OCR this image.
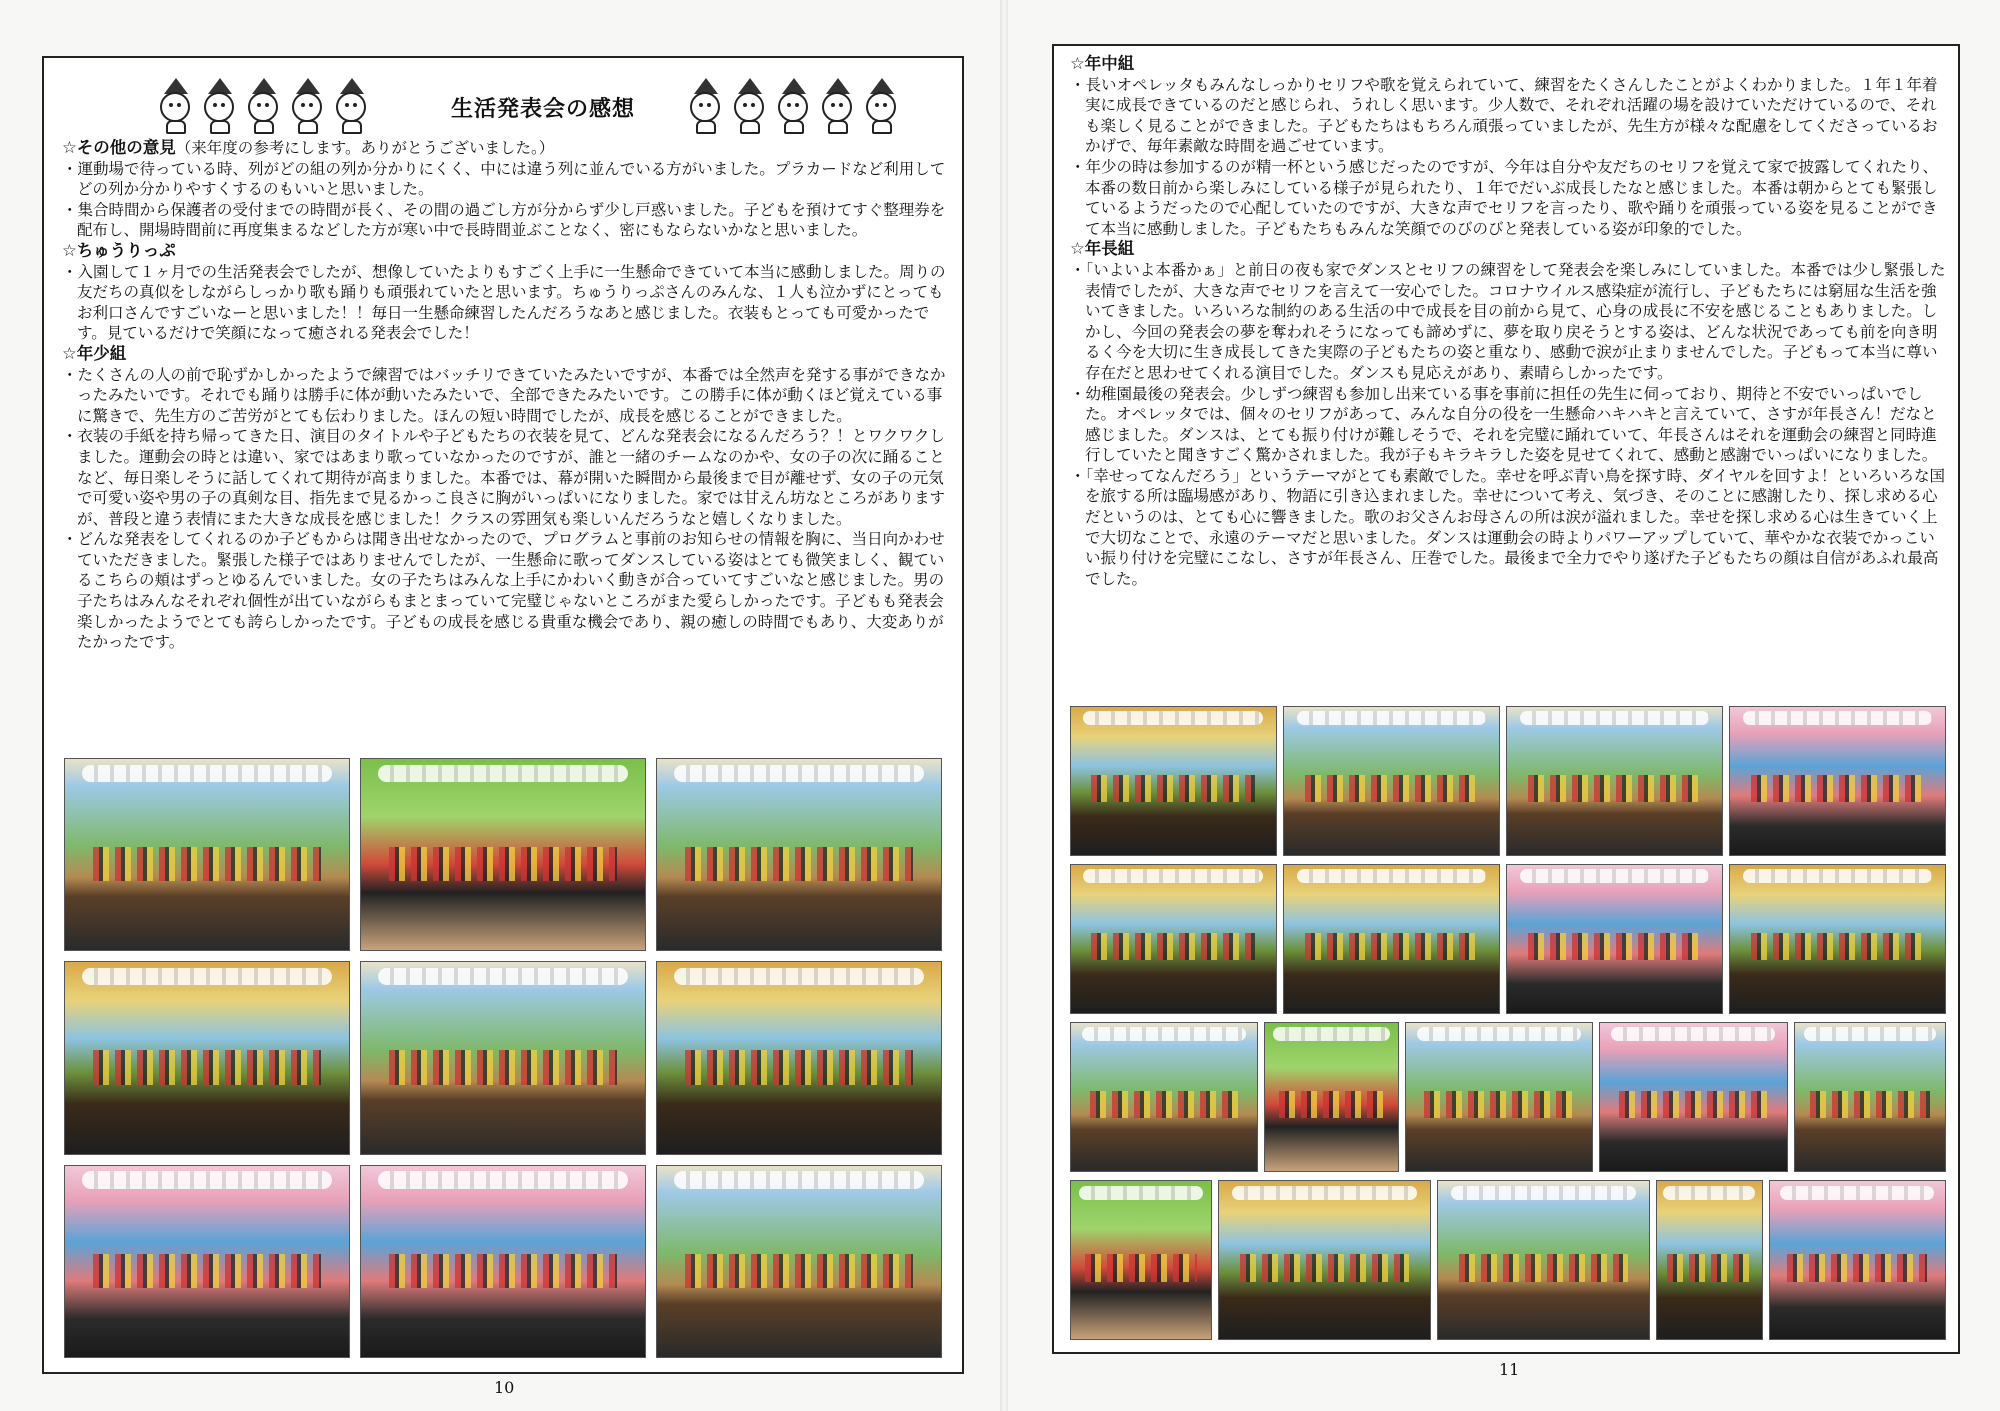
生活発表会の感想
☆その他の意見（来年度の参考にします。ありがとうございました。）
・運動場で待っている時、列がどの組の列か分かりにくく、中には違う列に並んでいる方がいました。プラカードなど利用してどの列か分かりやすくするのもいいと思いました。
・集合時間から保護者の受付までの時間が長く、その間の過ごし方が分からず少し戸惑いました。子どもを預けてすぐ整理券を配布し、開場時間前に再度集まるなどした方が寒い中で長時間並ぶことなく、密にもならないかなと思いました。
☆ちゅうりっぷ
・入園して１ヶ月での生活発表会でしたが、想像していたよりもすごく上手に一生懸命できていて本当に感動しました。周りの友だちの真似をしながらしっかり歌も踊りも頑張れていたと思います。ちゅうりっぷさんのみんな、１人も泣かずにとってもお利口さんですごいなーと思いました！！毎日一生懸命練習したんだろうなあと感じました。衣装もとっても可愛かったです。見ているだけで笑顔になって癒される発表会でした！
☆年少組
・たくさんの人の前で恥ずかしかったようで練習ではバッチリできていたみたいですが、本番では全然声を発する事ができなかったみたいです。それでも踊りは勝手に体が動いたみたいで、全部できたみたいです。この勝手に体が動くほど覚えている事に驚きで、先生方のご苦労がとても伝わりました。ほんの短い時間でしたが、成長を感じることができました。
・衣装の手紙を持ち帰ってきた日、演目のタイトルや子どもたちの衣装を見て、どんな発表会になるんだろう？！とワクワクしました。運動会の時とは違い、家ではあまり歌っていなかったのですが、誰と一緒のチームなのかや、女の子の次に踊ることなど、毎日楽しそうに話してくれて期待が高まりました。本番では、幕が開いた瞬間から最後まで目が離せず、女の子の元気で可愛い姿や男の子の真剣な目、指先まで見るかっこ良さに胸がいっぱいになりました。家では甘えん坊なところがありますが、普段と違う表情にまた大きな成長を感じました！クラスの雰囲気も楽しいんだろうなと嬉しくなりました。
・どんな発表をしてくれるのか子どもからは聞き出せなかったので、プログラムと事前のお知らせの情報を胸に、当日向かわせていただきました。緊張した様子ではありませんでしたが、一生懸命に歌ってダンスしている姿はとても微笑ましく、観ているこちらの頬はずっとゆるんでいました。女の子たちはみんな上手にかわいく動きが合っていてすごいなと感じました。男の子たちはみんなそれぞれ個性が出ていながらもまとまっていて完璧じゃないところがまた愛らしかったです。子どもも発表会楽しかったようでとても誇らしかったです。子どもの成長を感じる貴重な機会であり、親の癒しの時間でもあり、大変ありがたかったです。
10
☆年中組
・長いオペレッタもみんなしっかりセリフや歌を覚えられていて、練習をたくさんしたことがよくわかりました。１年１年着実に成長できているのだと感じられ、うれしく思います。少人数で、それぞれ活躍の場を設けていただけているので、それも楽しく見ることができました。子どもたちはもちろん頑張っていましたが、先生方が様々な配慮をしてくださっているおかげで、毎年素敵な時間を過ごせています。
・年少の時は参加するのが精一杯という感じだったのですが、今年は自分や友だちのセリフを覚えて家で披露してくれたり、本番の数日前から楽しみにしている様子が見られたり、１年でだいぶ成長したなと感じました。本番は朝からとても緊張しているようだったので心配していたのですが、大きな声でセリフを言ったり、歌や踊りを頑張っている姿を見ることができて本当に感動しました。子どもたちもみんな笑顔でのびのびと発表している姿が印象的でした。
☆年長組
・「いよいよ本番かぁ」と前日の夜も家でダンスとセリフの練習をして発表会を楽しみにしていました。本番では少し緊張した表情でしたが、大きな声でセリフを言えて一安心でした。コロナウイルス感染症が流行し、子どもたちには窮屈な生活を強いてきました。いろいろな制約のある生活の中で成長を目の前から見て、心身の成長に不安を感じることもありました。しかし、今回の発表会の夢を奪われそうになっても諦めずに、夢を取り戻そうとする姿は、どんな状況であっても前を向き明るく今を大切に生き成長してきた実際の子どもたちの姿と重なり、感動で涙が止まりませんでした。子どもって本当に尊い存在だと思わせてくれる演目でした。ダンスも見応えがあり、素晴らしかったです。
・幼稚園最後の発表会。少しずつ練習も参加し出来ている事を事前に担任の先生に伺っており、期待と不安でいっぱいでした。オペレッタでは、個々のセリフがあって、みんな自分の役を一生懸命ハキハキと言えていて、さすが年長さん！だなと感じました。ダンスは、とても振り付けが難しそうで、それを完璧に踊れていて、年長さんはそれを運動会の練習と同時進行していたと聞きすごく驚かされました。我が子もキラキラした姿を見せてくれて、感動と感謝でいっぱいになりました。
・「幸せってなんだろう」というテーマがとても素敵でした。幸せを呼ぶ青い鳥を探す時、ダイヤルを回すよ！といろいろな国を旅する所は臨場感があり、物語に引き込まれました。幸せについて考え、気づき、そのことに感謝したり、探し求める心だというのは、とても心に響きました。歌のお父さんお母さんの所は涙が溢れました。幸せを探し求める心は生きていく上で大切なことで、永遠のテーマだと思いました。ダンスは運動会の時よりパワーアップしていて、華やかな衣装でかっこいい振り付けを完璧にこなし、さすが年長さん、圧巻でした。最後まで全力でやり遂げた子どもたちの顔は自信があふれ最高でした。
11
